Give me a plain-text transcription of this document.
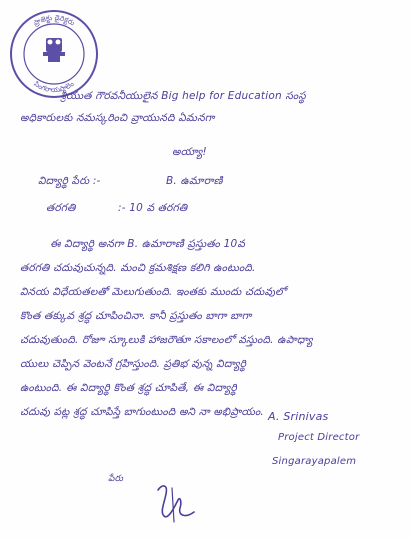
ప్రాజెక్టు డైరెక్టరు
సింగరాయపాలెం
శ్రీయుత గౌరవనీయులైన Big help for Education సంస్థ
అధికారులకు నమస్కరించి వ్రాయునది ఏమనగా
అయ్యా!
విద్యార్థి పేరు :-	B. ఉమారాణి
తరగతి	:- 10 వ తరగతి
ఈ విద్యార్థి అనగా B. ఉమారాణి ప్రస్తుతం 10వ
తరగతి చదువుచున్నది. మంచి క్రమశిక్షణ కలిగి ఉంటుంది.
వినయ విధేయతలతో మెలుగుతుంది. ఇంతకు ముందు చదువులో
కొంత తక్కువ శ్రద్ధ చూపించినా. కానీ ప్రస్తుతం బాగా బాగా
చదువుతుంది. రోజూ స్కూలుకి హాజరౌతూ సకాలంలో వస్తుంది. ఉపాధ్యా
యులు చెప్పిన వెంటనే గ్రహిస్తుంది. ప్రతిభ వున్న విద్యార్థి
ఉంటుంది. ఈ విద్యార్థి కొంత శ్రద్ధ చూపితే, ఈ విద్యార్థి
చదువు పట్ల శ్రద్ధ చూపిస్తే బాగుంటుంది అని నా అభిప్రాయం. A. Srinivas
Project Director
Singarayapalem
పేరు
